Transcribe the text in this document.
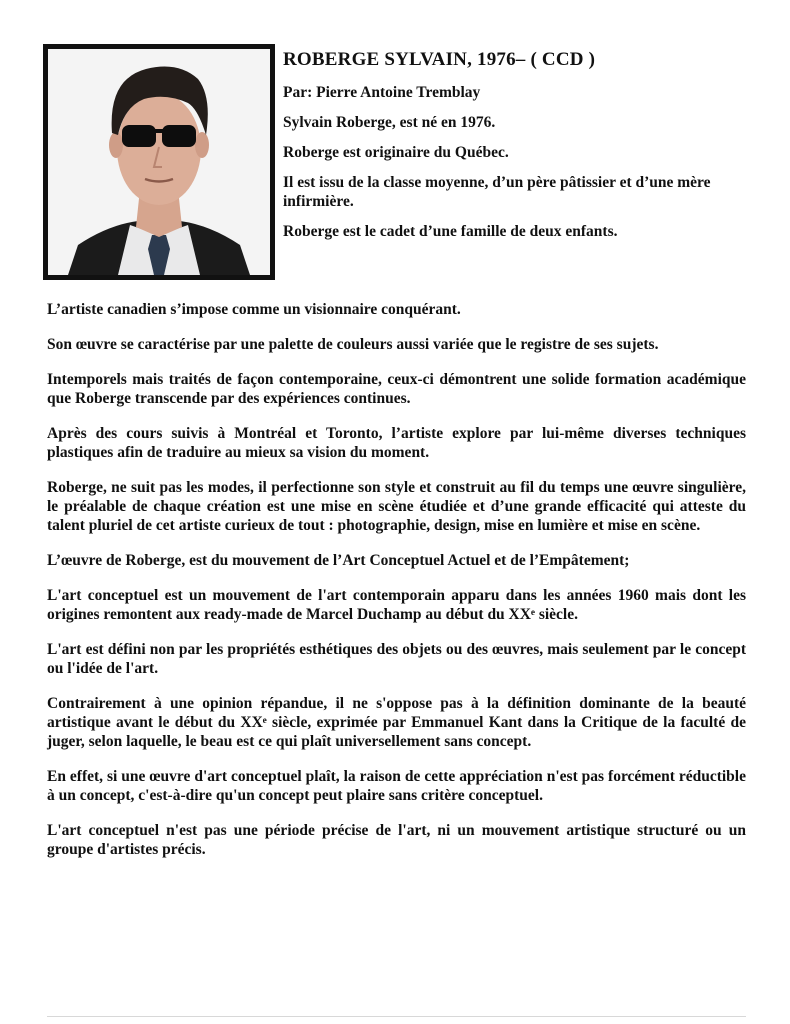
ROBERGE SYLVAIN, 1976– ( CCD )

Par: Pierre Antoine Tremblay

Sylvain Roberge, est né en 1976.

Roberge est originaire du Québec.

Il est issu de la classe moyenne, d’un père pâtissier et d’une mère infirmière.

Roberge est le cadet d’une famille de deux enfants.

L’artiste canadien s’impose comme un visionnaire conquérant.

Son œuvre se caractérise par une palette de couleurs aussi variée que le registre de ses sujets.

Intemporels mais traités de façon contemporaine, ceux-ci démontrent une solide formation académique que Roberge transcende par des expériences continues.

Après des cours suivis à Montréal et Toronto, l’artiste explore par lui-même diverses techniques plastiques afin de traduire au mieux sa vision du moment.

Roberge, ne suit pas les modes, il perfectionne son style et construit au fil du temps une œuvre singulière, le préalable de chaque création est une mise en scène étudiée et d’une grande efficacité qui atteste du talent pluriel de cet artiste curieux de tout : photographie, design, mise en lumière et mise en scène.

L’œuvre de Roberge, est du mouvement de l’Art Conceptuel Actuel et de l’Empâtement;

L'art conceptuel est un mouvement de l'art contemporain apparu dans les années 1960 mais dont les origines remontent aux ready-made de Marcel Duchamp au début du XXᵉ siècle.

L'art est défini non par les propriétés esthétiques des objets ou des œuvres, mais seulement par le concept ou l'idée de l'art.

Contrairement à une opinion répandue, il ne s'oppose pas à la définition dominante de la beauté artistique avant le début du XXᵉ siècle, exprimée par Emmanuel Kant dans la Critique de la faculté de juger, selon laquelle, le beau est ce qui plaît universellement sans concept.

En effet, si une œuvre d'art conceptuel plaît, la raison de cette appréciation n'est pas forcément réductible à un concept, c'est-à-dire qu'un concept peut plaire sans critère conceptuel.

L'art conceptuel n'est pas une période précise de l'art, ni un mouvement artistique structuré ou un groupe d'artistes précis.
